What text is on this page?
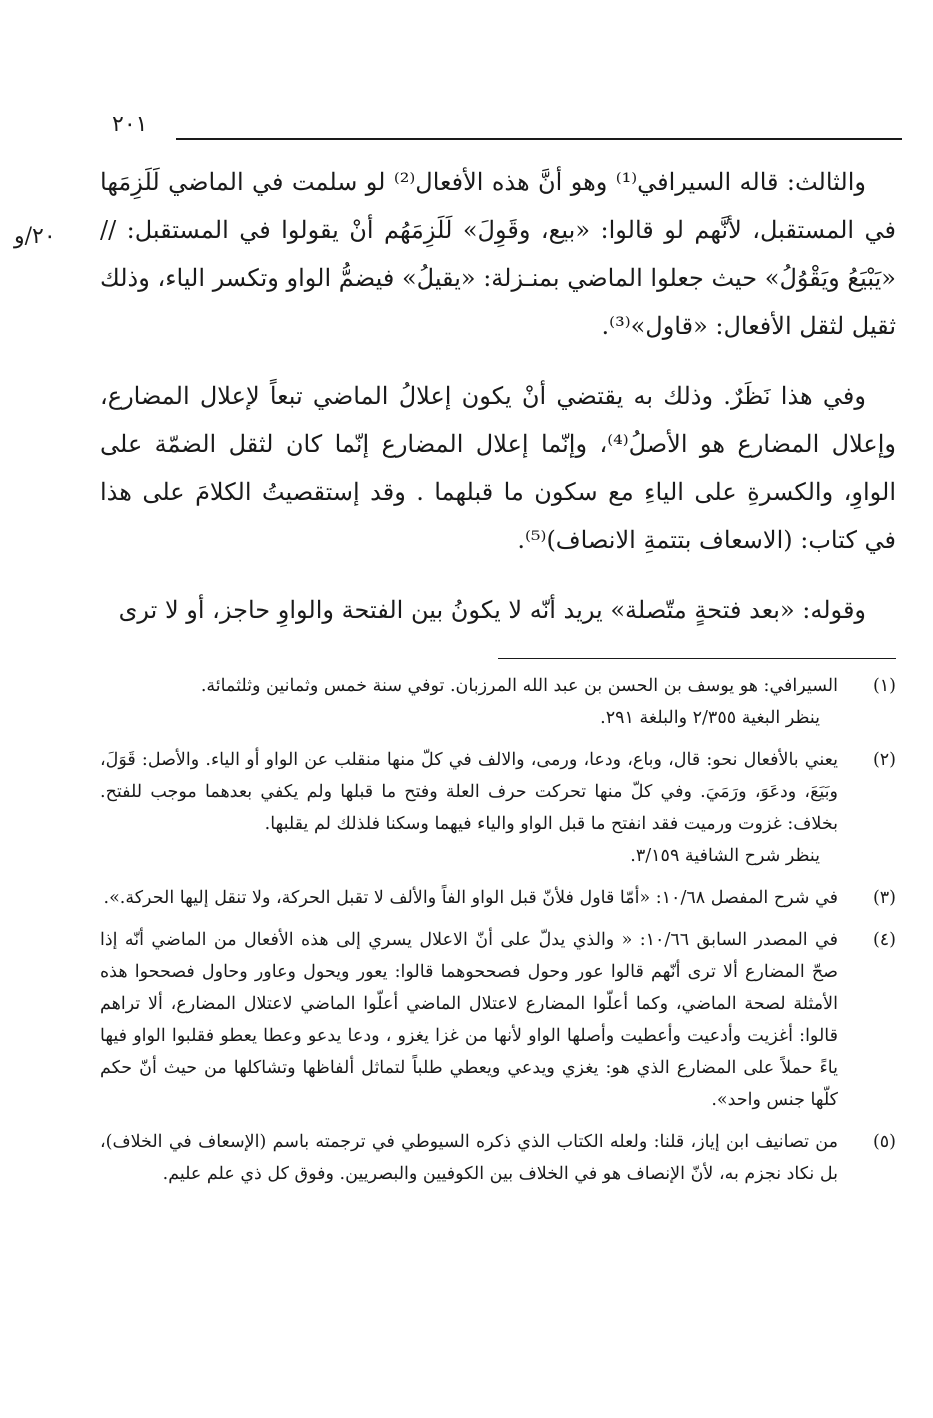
٢٠١
٢٠/و

والثالث: قاله السيرافي⁽¹⁾ وهو أنَّ هذه الأفعال⁽²⁾ لو سلمت في الماضي لَلَزِمَها في المستقبل، لأنَّهم لو قالوا: «بيع، وقَوِلَ» لَلَزِمَهُم أنْ يقولوا في المستقبل: // «يَبْيَعُ ويَقْوُلُ» حيث جعلوا الماضي بمنـزلة: «يقيلُ» فيضمُّ الواو وتكسر الياء، وذلك ثقيل لثقل الأفعال: «قاول»⁽³⁾.

وفي هذا نَظَرٌ. وذلك به يقتضي أنْ يكون إعلالُ الماضي تبعاً لإعلال المضارع، وإعلال المضارع هو الأصلُ⁽⁴⁾، وإنّما إعلال المضارع إنّما كان لثقل الضمّة على الواوِ، والكسرةِ على الياءِ مع سكون ما قبلهما . وقد إستقصيتُ الكلامَ على هذا في كتاب: (الاسعاف بتتمةِ الانصاف)⁽⁵⁾.

وقوله: «بعد فتحةٍ متّصلة» يريد أنّه لا يكونُ بين الفتحة والواوِ حاجز، أو لا ترى

(١)
السيرافي: هو يوسف بن الحسن بن عبد الله المرزبان. توفي سنة خمس وثمانين وثلثمائة.
ينظر البغية ٢/٣٥٥ والبلغة ٢٩١.
(٢)
يعني بالأفعال نحو: قال، وباع، ودعا، ورمى، والالف في كلّ منها منقلب عن الواو أو الياء. والأصل: قَوَلَ، وبَيَعَ، ودعَوَ، ورَمَيَ. وفي كلّ منها تحركت حرف العلة وفتح ما قبلها ولم يكفي بعدهما موجب للفتح. بخلاف: غزوت ورميت فقد انفتح ما قبل الواو والياء فيهما وسكنا فلذلك لم يقلبها.
ينظر شرح الشافية ٣/١٥٩.
(٣)
في شرح المفصل ١٠/٦٨: «أمّا قاول فلأنّ قبل الواو الفاً والألف لا تقبل الحركة، ولا تنقل إليها الحركة.».
(٤)
في المصدر السابق ١٠/٦٦: « والذي يدلّ على أنّ الاعلال يسري إلى هذه الأفعال من الماضي أنّه إذا صحّ المضارع ألا ترى أنّهم قالوا عور وحول فصححوهما قالوا: يعور ويحول وعاور وحاول فصححوا هذه الأمثلة لصحة الماضي، وكما أعلّوا المضارع لاعتلال الماضي أعلّوا الماضي لاعتلال المضارع، ألا تراهم قالوا: أغزيت وأدعيت وأعطيت وأصلها الواو لأنها من غزا يغزو ، ودعا يدعو وعطا يعطو فقلبوا الواو فيها ياءً حملاً على المضارع الذي هو: يغزي ويدعي ويعطي طلباً لتماثل ألفاظها وتشاكلها من حيث أنّ حكم كلّها جنس واحد».
(٥)
من تصانيف ابن إياز، قلنا: ولعله الكتاب الذي ذكره السيوطي في ترجمته باسم (الإسعاف في الخلاف)، بل نكاد نجزم به، لأنّ الإنصاف هو في الخلاف بين الكوفيين والبصريين. وفوق كل ذي علم عليم.
